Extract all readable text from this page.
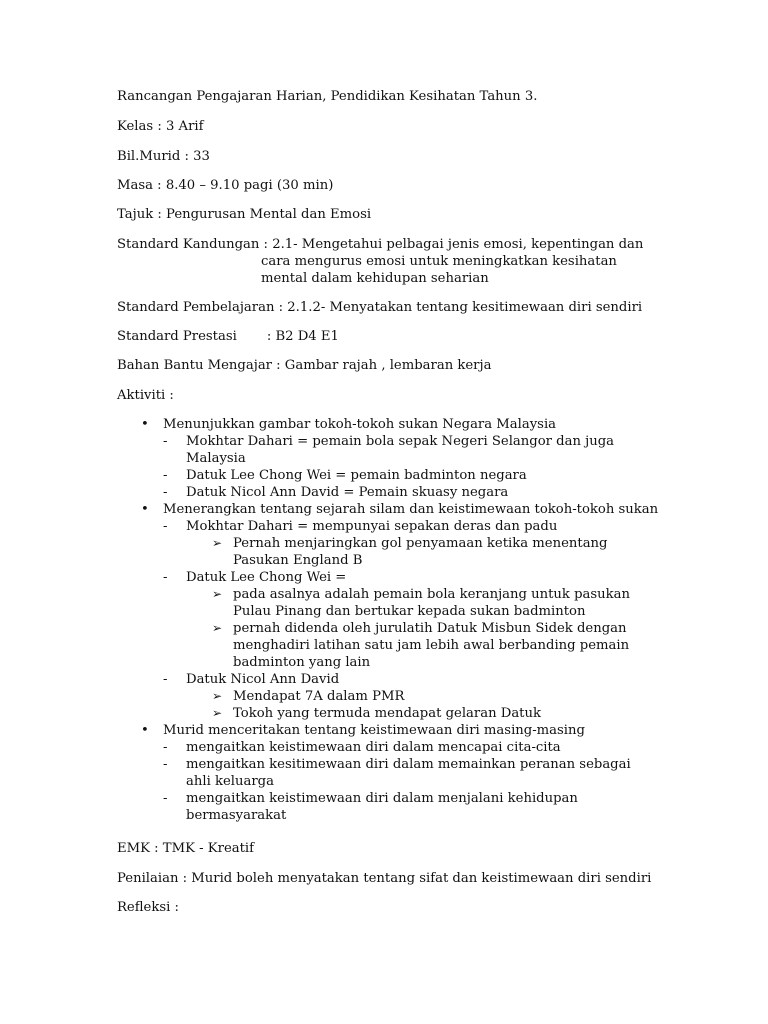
Rancangan Pengajaran Harian, Pendidikan Kesihatan Tahun 3.

Kelas : 3 Arif

Bil.Murid : 33

Masa : 8.40 – 9.10 pagi (30 min)

Tajuk : Pengurusan Mental dan Emosi

Standard Kandungan : 2.1- Mengetahui pelbagai jenis emosi, kepentingan dan

cara mengurus emosi untuk meningkatkan kesihatan

mental dalam kehidupan seharian

Standard Pembelajaran : 2.1.2- Menyatakan tentang kesitimewaan diri sendiri

Standard Prestasi : B2 D4 E1

Bahan Bantu Mengajar : Gambar rajah , lembaran kerja

Aktiviti :

• Menunjukkan gambar tokoh-tokoh sukan Negara Malaysia
- Mokhtar Dahari = pemain bola sepak Negeri Selangor dan juga
Malaysia
- Datuk Lee Chong Wei = pemain badminton negara
- Datuk Nicol Ann David = Pemain skuasy negara
• Menerangkan tentang sejarah silam dan keistimewaan tokoh-tokoh sukan
- Mokhtar Dahari = mempunyai sepakan deras dan padu
➢ Pernah menjaringkan gol penyamaan ketika menentang
Pasukan England B
- Datuk Lee Chong Wei =
➢ pada asalnya adalah pemain bola keranjang untuk pasukan
Pulau Pinang dan bertukar kepada sukan badminton
➢ pernah didenda oleh jurulatih Datuk Misbun Sidek dengan
menghadiri latihan satu jam lebih awal berbanding pemain
badminton yang lain
- Datuk Nicol Ann David
➢ Mendapat 7A dalam PMR
➢ Tokoh yang termuda mendapat gelaran Datuk
• Murid menceritakan tentang keistimewaan diri masing-masing
- mengaitkan keistimewaan diri dalam mencapai cita-cita
- mengaitkan kesitimewaan diri dalam memainkan peranan sebagai
ahli keluarga
- mengaitkan keistimewaan diri dalam menjalani kehidupan
bermasyarakat

EMK : TMK - Kreatif

Penilaian : Murid boleh menyatakan tentang sifat dan keistimewaan diri sendiri

Refleksi :
